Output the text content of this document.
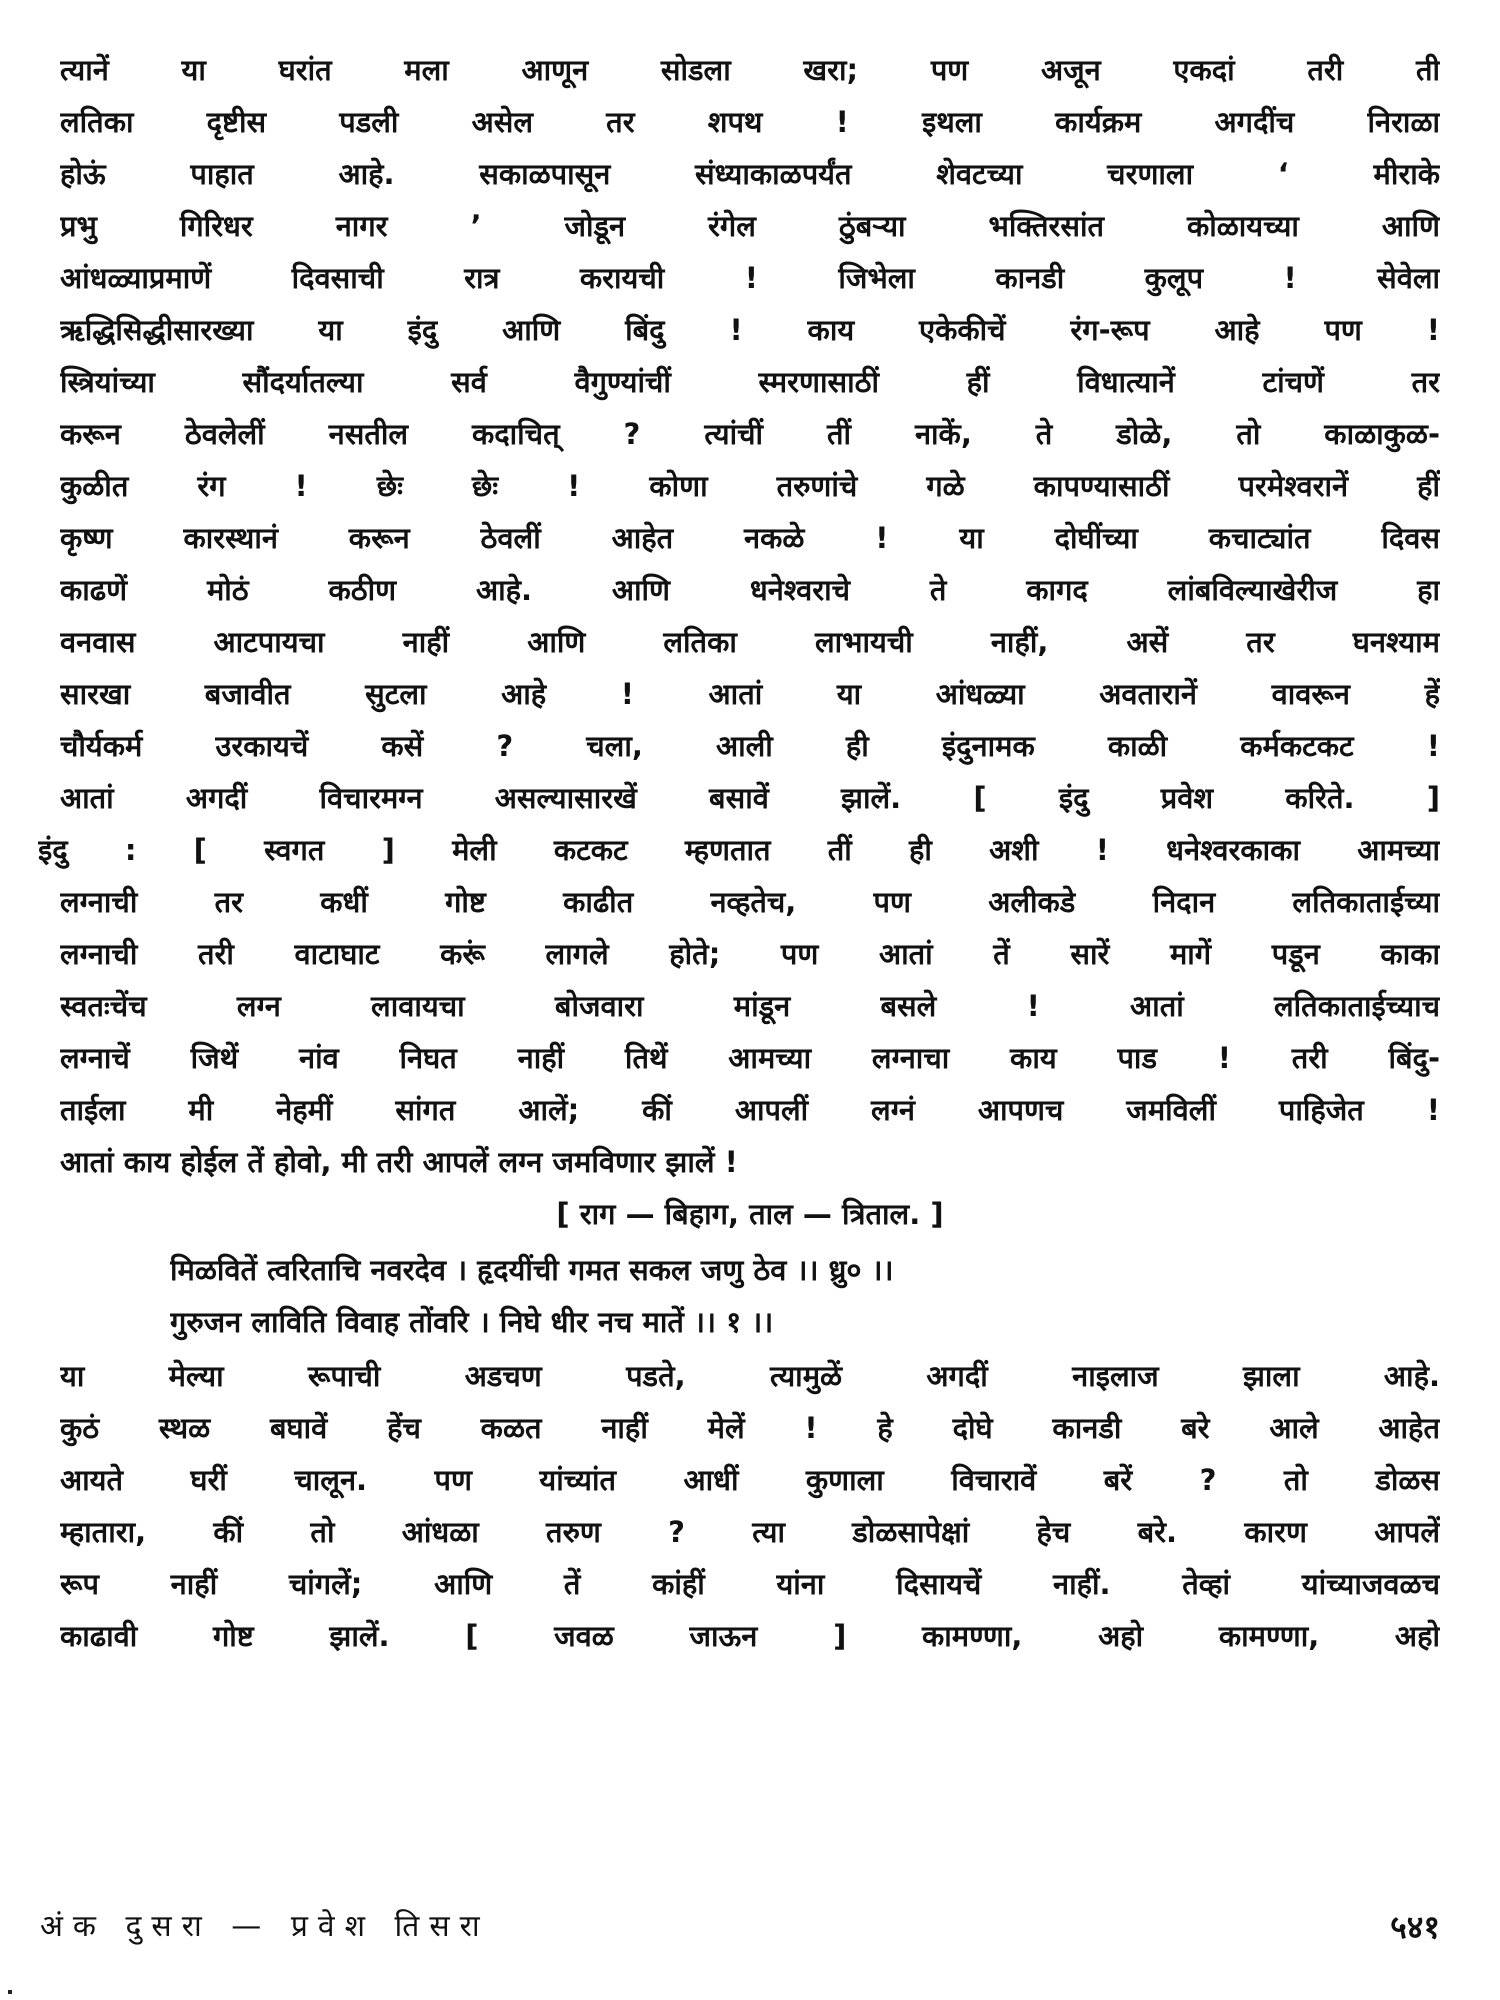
त्यानें या घरांत मला आणून सोडला खरा; पण अजून एकदां तरी ती
लतिका दृष्टीस पडली असेल तर शपथ ! इथला कार्यक्रम अगदींच निराळा
होऊं पाहात आहे. सकाळपासून संध्याकाळपर्यंत शेवटच्या चरणाला ‘ मीराके
प्रभु गिरिधर नागर ’ जोडून रंगेल ठुंबऱ्या भक्तिरसांत कोळायच्या आणि
आंधळ्याप्रमाणें दिवसाची रात्र करायची ! जिभेला कानडी कुलूप ! सेवेला
ऋद्धिसिद्धीसारख्या या इंदु आणि बिंदु ! काय एकेकीचें रंग-रूप आहे पण !
स्त्रियांच्या सौंदर्यातल्या सर्व वैगुण्यांचीं स्मरणासाठीं हीं विधात्यानें टांचणें तर
करून ठेवलेलीं नसतील कदाचित् ? त्यांचीं तीं नाकें, ते डोळे, तो काळाकुळ-
कुळीत रंग ! छेः छेः ! कोणा तरुणांचे गळे कापण्यासाठीं परमेश्वरानें हीं
कृष्ण कारस्थानं करून ठेवलीं आहेत नकळे ! या दोघींच्या कचाट्यांत दिवस
काढणें मोठं कठीण आहे. आणि धनेश्वराचे ते कागद लांबविल्याखेरीज हा
वनवास आटपायचा नाहीं आणि लतिका लाभायची नाहीं, असें तर घनश्याम
सारखा बजावीत सुटला आहे ! आतां या आंधळ्या अवतारानें वावरून हें
चौर्यकर्म उरकायचें कसें ? चला, आली ही इंदुनामक काळी कर्मकटकट !
आतां अगदीं विचारमग्न असल्यासारखें बसावें झालें. [ इंदु प्रवेश करिते. ]
इंदु : [ स्वगत ] मेली कटकट म्हणतात तीं ही अशी ! धनेश्वरकाका आमच्या
लग्नाची तर कधीं गोष्ट काढीत नव्हतेच, पण अलीकडे निदान लतिकाताईच्या
लग्नाची तरी वाटाघाट करूं लागले होते; पण आतां तें सारें मागें पडून काका
स्वतःचेंच लग्न लावायचा बोजवारा मांडून बसले ! आतां लतिकाताईच्याच
लग्नाचें जिथें नांव निघत नाहीं तिथें आमच्या लग्नाचा काय पाड ! तरी बिंदु-
ताईला मी नेहमीं सांगत आलें; कीं आपलीं लग्नं आपणच जमविलीं पाहिजेत !
आतां काय होईल तें होवो, मी तरी आपलें लग्न जमविणार झालें !
[ राग — बिहाग, ताल — त्रिताल. ]
मिळवितें त्वरिताचि नवरदेव । हृदयींची गमत सकल जणु ठेव ।। ध्रु० ।।
गुरुजन लाविति विवाह तोंवरि । निघे धीर नच मातें ।। १ ।।
या मेल्या रूपाची अडचण पडते, त्यामुळें अगदीं नाइलाज झाला आहे.
कुठं स्थळ बघावें हेंच कळत नाहीं मेलें ! हे दोघे कानडी बरे आले आहेत
आयते घरीं चालून. पण यांच्यांत आधीं कुणाला विचारावें बरें ? तो डोळस
म्हातारा, कीं तो आंधळा तरुण ? त्या डोळसापेक्षां हेच बरे. कारण आपलें
रूप नाहीं चांगलें; आणि तें कांहीं यांना दिसायचें नाहीं. तेव्हां यांच्याजवळच
काढावी गोष्ट झालें. [ जवळ जाऊन ] कामण्णा, अहो कामण्णा, अहो
अंक दुसरा — प्रवेश तिसरा	५४१
